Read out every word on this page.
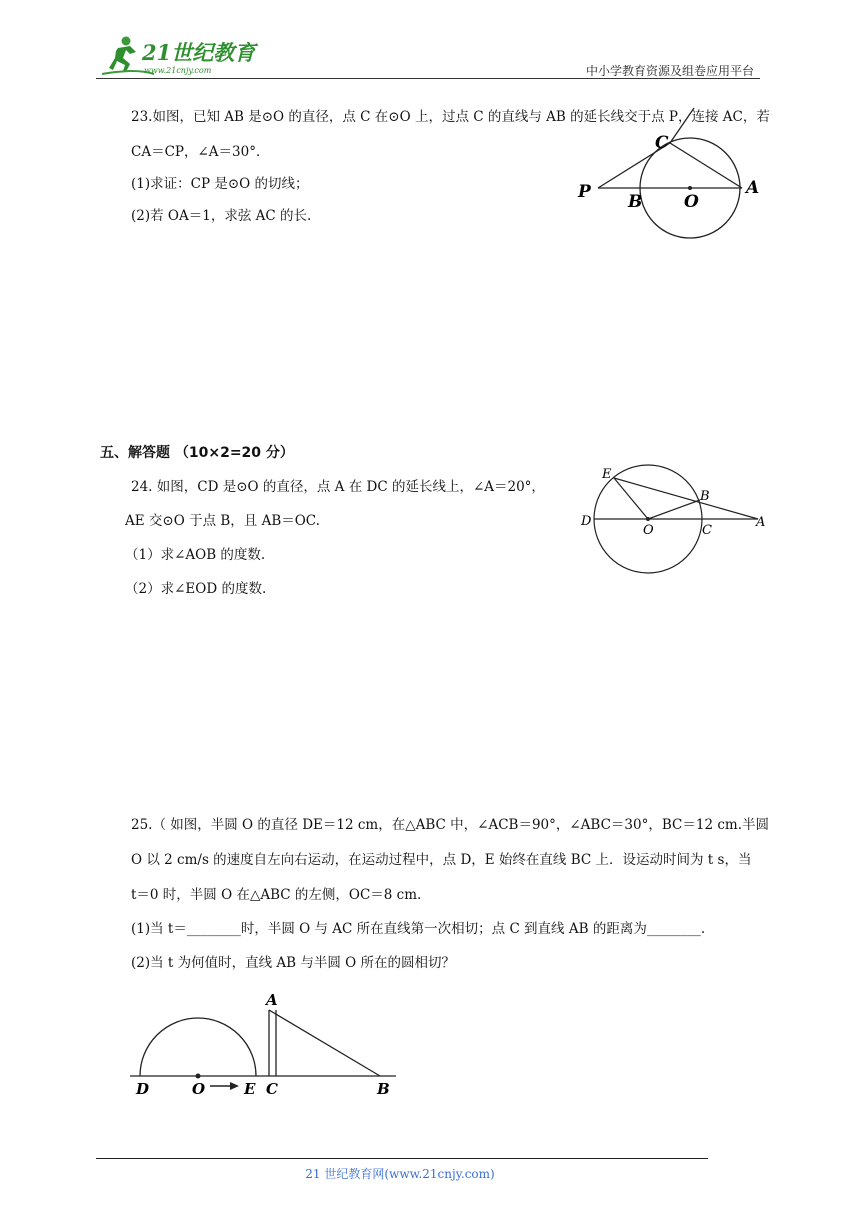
21世纪教育
www.21cnjy.com	中小学教育资源及组卷应用平台
23.如图，已知 AB 是⊙O 的直径，点 C 在⊙O 上，过点 C 的直线与 AB 的延长线交于点 P，连接 AC，若
CA＝CP，∠A＝30°．
(1)求证：CP 是⊙O 的切线；
(2)若 OA＝1，求弦 AC 的长.
C
P B O
A
五、解答题 （10×2=20 分）
24. 如图，CD 是⊙O 的直径，点 A 在 DC 的延长线上，∠A＝20°，
AE 交⊙O 于点 B，且 AB＝OC.
（1）求∠AOB 的度数.
（2）求∠EOD 的度数.
E
B
D
O	C
A
25.（ 如图，半圆 O 的直径 DE＝12 cm，在△ABC 中，∠ACB＝90°，∠ABC＝30°，BC＝12 cm.半圆
O 以 2 cm/s 的速度自左向右运动，在运动过程中，点 D，E 始终在直线 BC 上．设运动时间为 t s，当
t＝0 时，半圆 O 在△ABC 的左侧，OC＝8 cm.
(1)当 t＝________时，半圆 O 与 AC 所在直线第一次相切；点 C 到直线 AB 的距离为________.
(2)当 t 为何值时，直线 AB 与半圆 O 所在的圆相切？
A
D	O	E C	B
21 世纪教育网(www.21cnjy.com)
